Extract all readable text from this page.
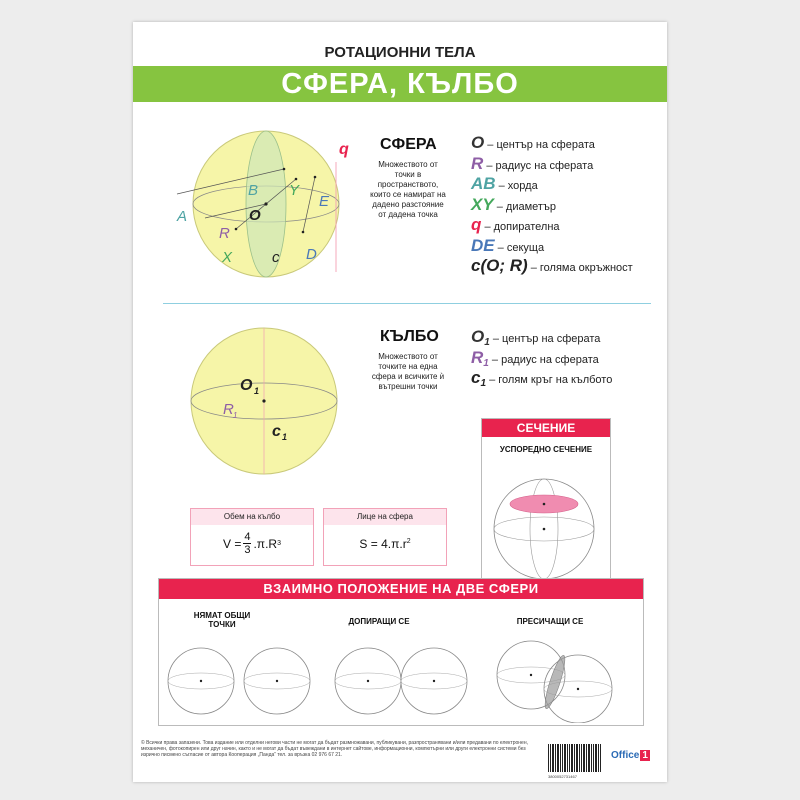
РОТАЦИОННИ ТЕЛА
СФЕРА, КЪЛБО
q
A
B Y
E
O
R
X	c D
СФЕРА
Множеството от
точки в
пространството,
които се намират на
дадено разстояние
от дадена точка
O – център на сферата
R – радиус на сферата
AB – хорда
XY – диаметър
q – допирателна
DE – секуща
c(O; R) – голяма окръжност
O 1
R 1
c 1
КЪЛБО
Множеството от
точките на една
сфера и всичките ѝ
вътрешни точки
$O_1$ – център на сферата
$R_1$ – радиус на сферата
$c_1$ – голям кръг на кълбото
СЕЧЕНИЕ
УСПОРЕДНО СЕЧЕНИЕ
Обем на кълбо
$V = \frac{4}{3} .\pi.R$ 3
Лице на сфера
$S = 4.\pi.r^2$
ВЗАИМНО ПОЛОЖЕНИЕ НА ДВЕ СФЕРИ
НЯМАТ ОБЩИ ТОЧКИ	ДОПИРАЩИ СЕ	ПРЕСИЧАЩИ СЕ
© Всички права запазени. Това издание или отделни негови части не могат да бъдат размножавани, публикувани, разпространявани и/или предавани по електронен, механичен, фотокопирен или друг начин, както и не могат да бъдат въвеждани в интернет сайтове, информационни, компютърни или други електронни системи без изрично писмено съгласие от автора Кооперация „Панда“ тел. за връзка 02 976 67 21.
3800052731467
Office 1
